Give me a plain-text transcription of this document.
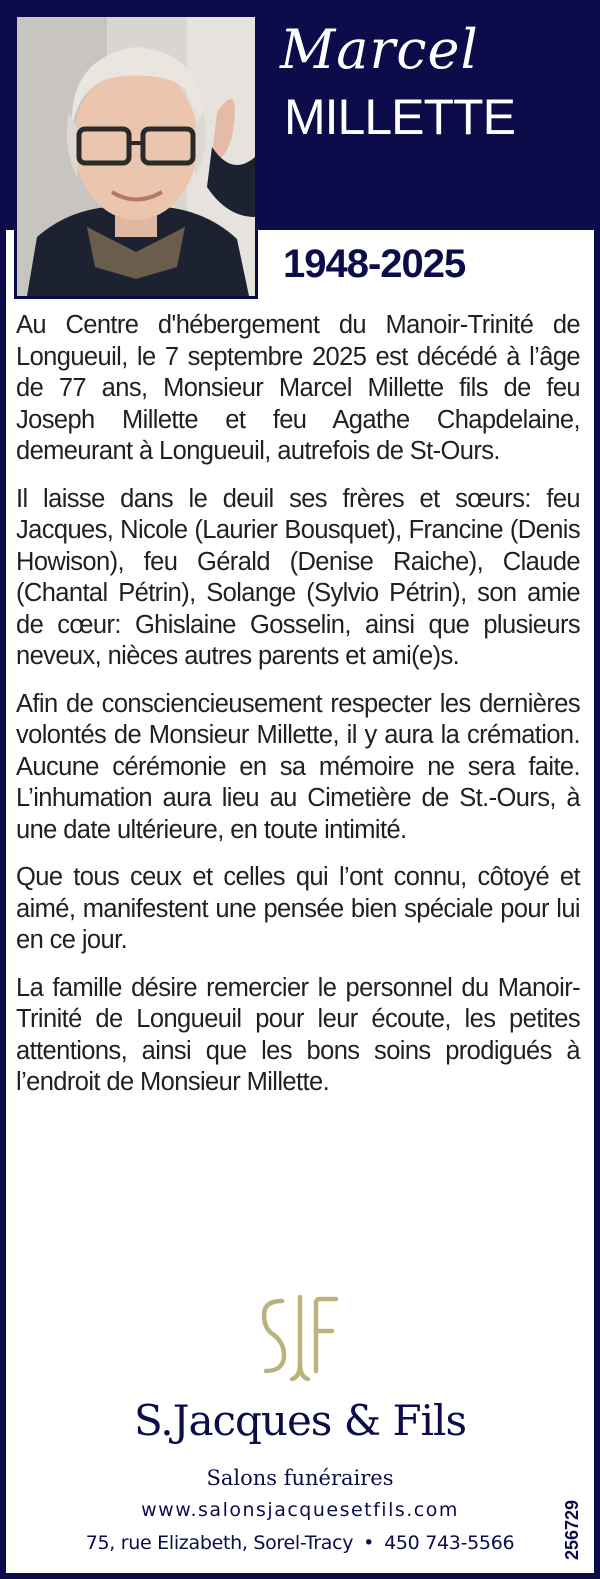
Marcel
MILLETTE
1948-2025

Au Centre d'hébergement du Manoir-Trinité de Longueuil, le 7 septembre 2025 est décédé à l’âge de 77 ans, Monsieur Marcel Millette fils de feu Joseph Millette et feu Agathe Chapdelaine, demeurant à Longueuil, autrefois de St-Ours.

Il laisse dans le deuil ses frères et sœurs: feu Jacques, Nicole (Laurier Bousquet), Francine (Denis Howison), feu Gérald (Denise Raiche), Claude (Chantal Pétrin), Solange (Sylvio Pétrin), son amie de cœur: Ghislaine Gosselin, ainsi que plusieurs neveux, nièces autres parents et ami(e)s.

Afin de consciencieusement respecter les dernières volontés de Monsieur Millette, il y aura la crémation. Aucune cérémonie en sa mémoire ne sera faite. L’inhumation aura lieu au Cimetière de St.-Ours, à une date ultérieure, en toute intimité.

Que tous ceux et celles qui l’ont connu, côtoyé et aimé, manifestent une pensée bien spéciale pour lui en ce jour.

La famille désire remercier le personnel du Manoir-Trinité de Longueuil pour leur écoute, les petites attentions, ainsi que les bons soins prodigués à l’endroit de Monsieur Millette.

S.Jacques & Fils
Salons funéraires
www.salonsjacquesetfils.com
75, rue Elizabeth, Sorel-Tracy • 450 743-5566	256729
